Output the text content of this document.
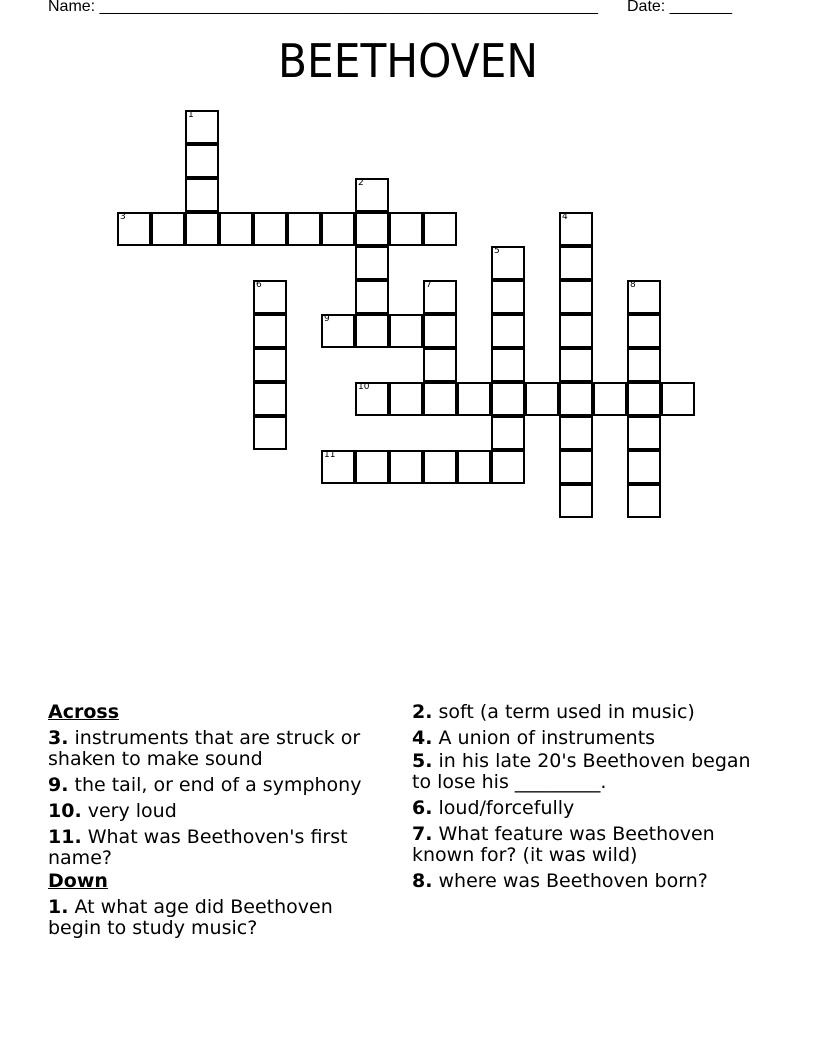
Name: ________________________________________________________ Date: _______
BEETHOVEN
1
2
3	4
5
6	7	8
9
10
11
Across
3. instruments that are struck or shaken to make sound
9. the tail, or end of a symphony
10. very loud
11. What was Beethoven's first name?
Down
1. At what age did Beethoven begin to study music?
2. soft (a term used in music)
4. A union of instruments
5. in his late 20's Beethoven began to lose his _________.
6. loud/forcefully
7. What feature was Beethoven known for? (it was wild)
8. where was Beethoven born?
